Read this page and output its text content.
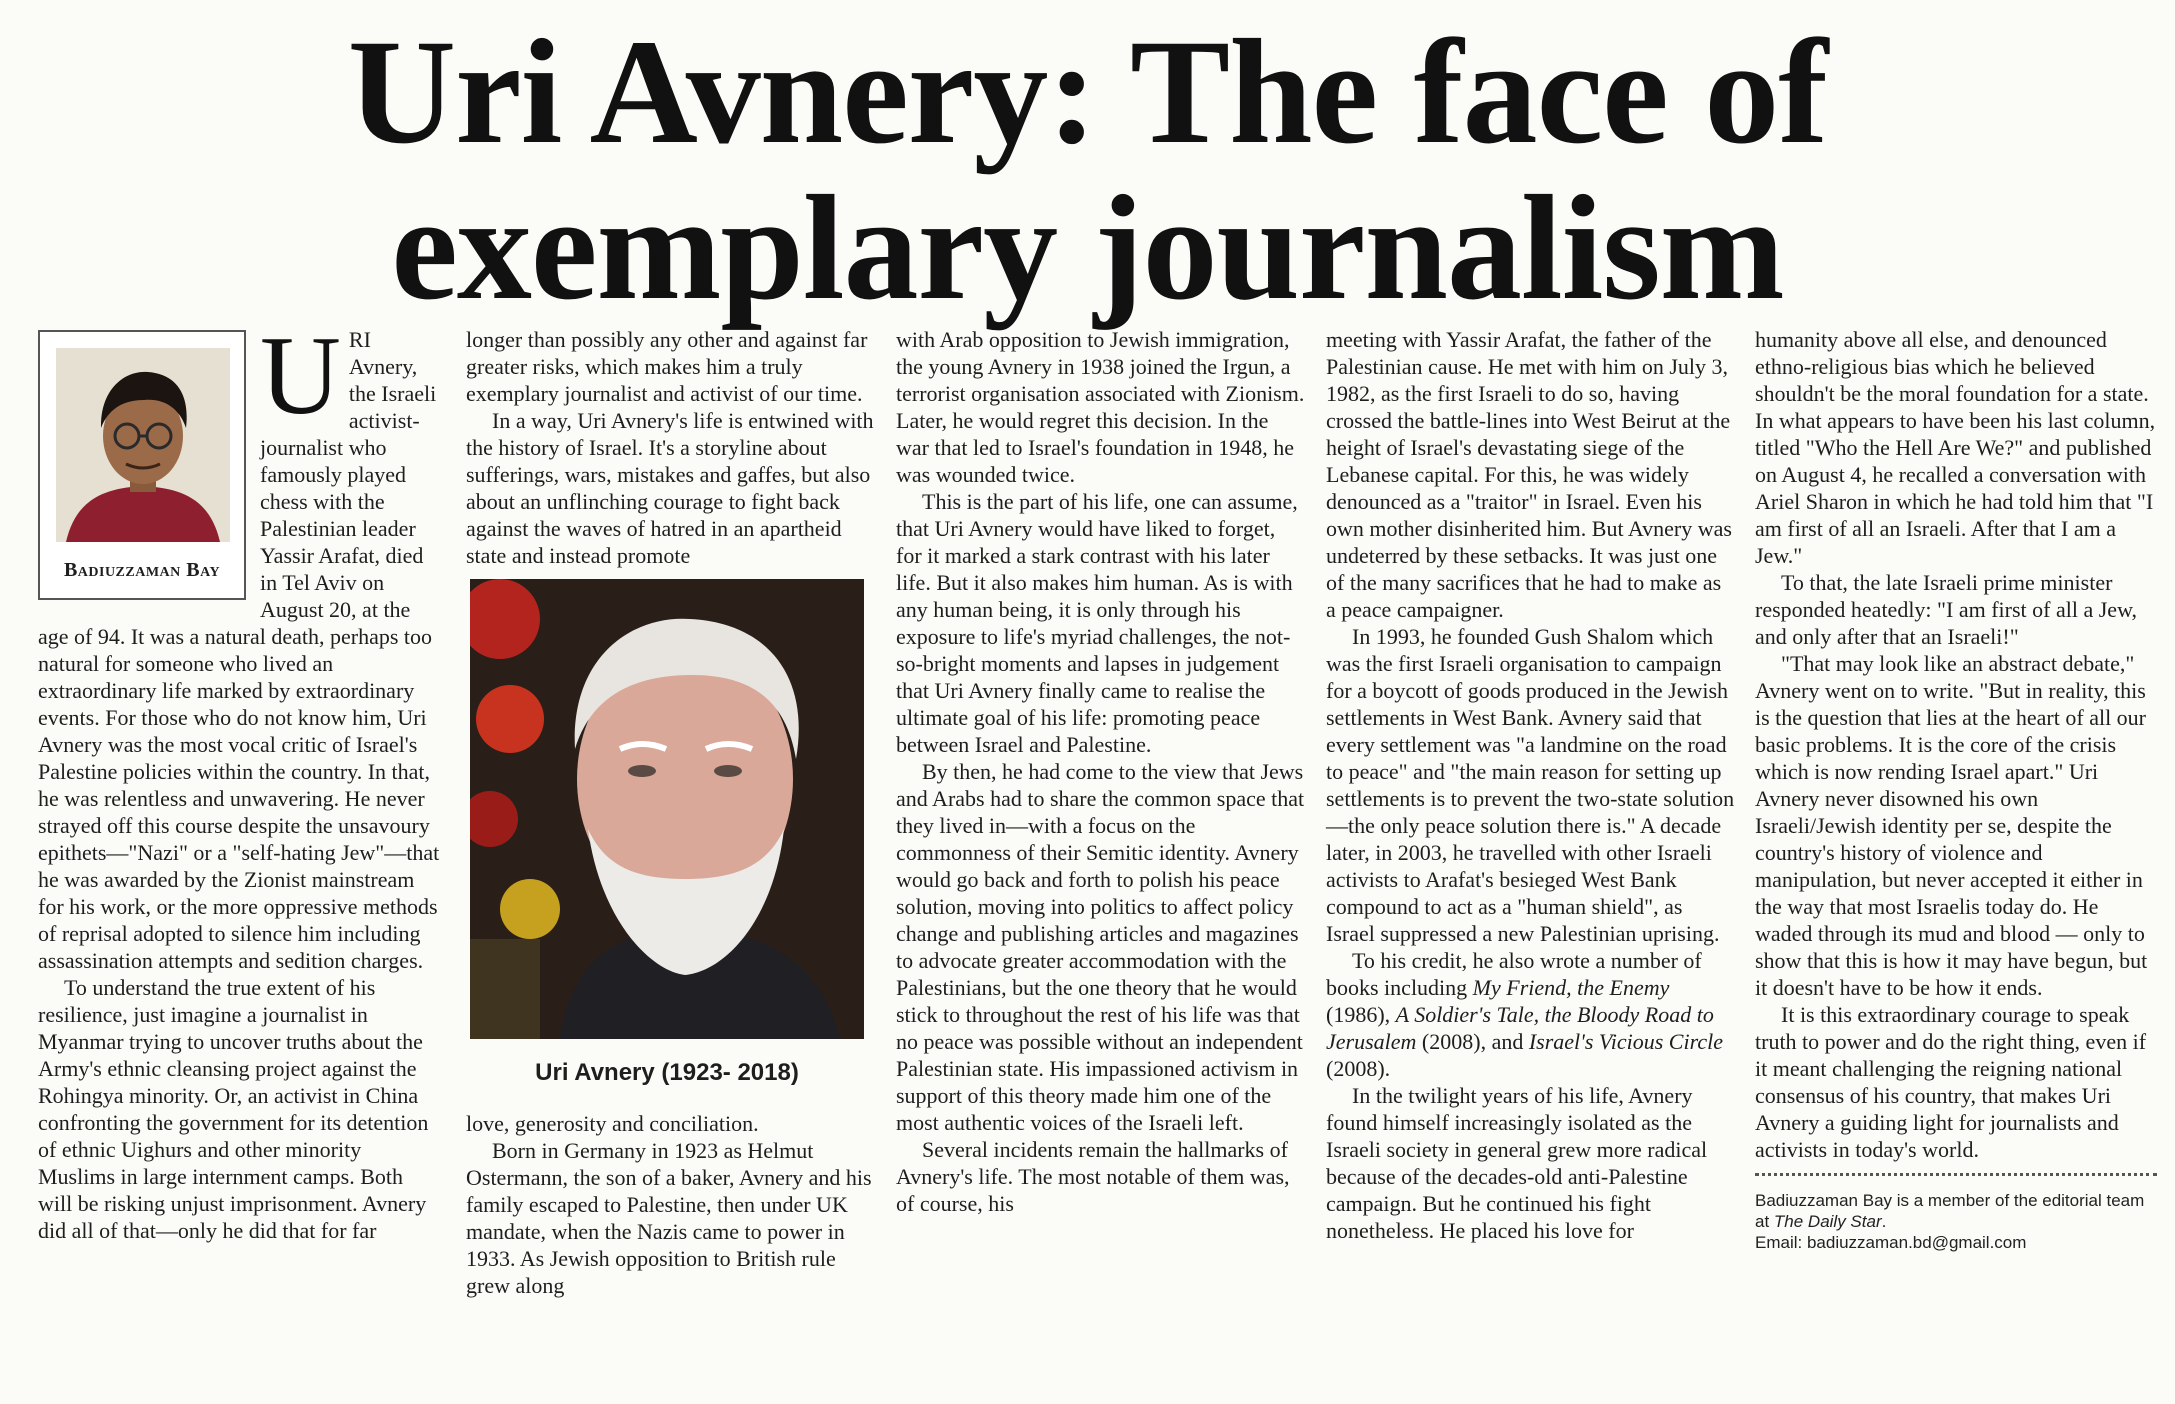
Uri Avnery: The face of
exemplary journalism
Badiuzzaman Bay
U RI Avnery, the Israeli activist-journalist who famously played chess with the Palestinian leader Yassir Arafat, died in Tel Aviv on August 20, at the age of 94. It was a natural death, perhaps too natural for someone who lived an extraordinary life marked by extraordinary events. For those who do not know him, Uri Avnery was the most vocal critic of Israel's Palestine policies within the country. In that, he was relentless and unwavering. He never strayed off this course despite the unsavoury epithets—"Nazi" or a "self-hating Jew"—that he was awarded by the Zionist mainstream for his work, or the more oppressive methods of reprisal adopted to silence him including assassination attempts and sedition charges.

To understand the true extent of his resilience, just imagine a journalist in Myanmar trying to uncover truths about the Army's ethnic cleansing project against the Rohingya minority. Or, an activist in China confronting the government for its detention of ethnic Uighurs and other minority Muslims in large internment camps. Both will be risking unjust imprisonment. Avnery did all of that—only he did that for far

longer than possibly any other and against far greater risks, which makes him a truly exemplary journalist and activist of our time.

In a way, Uri Avnery's life is entwined with the history of Israel. It's a storyline about sufferings, wars, mistakes and gaffes, but also about an unflinching courage to fight back against the waves of hatred in an apartheid state and instead promote

Uri Avnery (1923- 2018)

love, generosity and conciliation.

Born in Germany in 1923 as Helmut Ostermann, the son of a baker, Avnery and his family escaped to Palestine, then under UK mandate, when the Nazis came to power in 1933. As Jewish opposition to British rule grew along

with Arab opposition to Jewish immigration, the young Avnery in 1938 joined the Irgun, a terrorist organisation associated with Zionism. Later, he would regret this decision. In the war that led to Israel's foundation in 1948, he was wounded twice.

This is the part of his life, one can assume, that Uri Avnery would have liked to forget, for it marked a stark contrast with his later life. But it also makes him human. As is with any human being, it is only through his exposure to life's myriad challenges, the not-so-bright moments and lapses in judgement that Uri Avnery finally came to realise the ultimate goal of his life: promoting peace between Israel and Palestine.

By then, he had come to the view that Jews and Arabs had to share the common space that they lived in—with a focus on the commonness of their Semitic identity. Avnery would go back and forth to polish his peace solution, moving into politics to affect policy change and publishing articles and magazines to advocate greater accommodation with the Palestinians, but the one theory that he would stick to throughout the rest of his life was that no peace was possible without an independent Palestinian state. His impassioned activism in support of this theory made him one of the most authentic voices of the Israeli left.

Several incidents remain the hallmarks of Avnery's life. The most notable of them was, of course, his

meeting with Yassir Arafat, the father of the Palestinian cause. He met with him on July 3, 1982, as the first Israeli to do so, having crossed the battle-lines into West Beirut at the height of Israel's devastating siege of the Lebanese capital. For this, he was widely denounced as a "traitor" in Israel. Even his own mother disinherited him. But Avnery was undeterred by these setbacks. It was just one of the many sacrifices that he had to make as a peace campaigner.

In 1993, he founded Gush Shalom which was the first Israeli organisation to campaign for a boycott of goods produced in the Jewish settlements in West Bank. Avnery said that every settlement was "a landmine on the road to peace" and "the main reason for setting up settlements is to prevent the two-state solution—the only peace solution there is." A decade later, in 2003, he travelled with other Israeli activists to Arafat's besieged West Bank compound to act as a "human shield", as Israel suppressed a new Palestinian uprising.

To his credit, he also wrote a number of books including My Friend, the Enemy (1986), A Soldier's Tale, the Bloody Road to Jerusalem (2008), and Israel's Vicious Circle (2008).

In the twilight years of his life, Avnery found himself increasingly isolated as the Israeli society in general grew more radical because of the decades-old anti-Palestine campaign. But he continued his fight nonetheless. He placed his love for

humanity above all else, and denounced ethno-religious bias which he believed shouldn't be the moral foundation for a state. In what appears to have been his last column, titled "Who the Hell Are We?" and published on August 4, he recalled a conversation with Ariel Sharon in which he had told him that "I am first of all an Israeli. After that I am a Jew."

To that, the late Israeli prime minister responded heatedly: "I am first of all a Jew, and only after that an Israeli!"

"That may look like an abstract debate," Avnery went on to write. "But in reality, this is the question that lies at the heart of all our basic problems. It is the core of the crisis which is now rending Israel apart." Uri Avnery never disowned his own Israeli/Jewish identity per se, despite the country's history of violence and manipulation, but never accepted it either in the way that most Israelis today do. He waded through its mud and blood — only to show that this is how it may have begun, but it doesn't have to be how it ends.

It is this extraordinary courage to speak truth to power and do the right thing, even if it meant challenging the reigning national consensus of his country, that makes Uri Avnery a guiding light for journalists and activists in today's world.

Badiuzzaman Bay is a member of the editorial team at The Daily Star.

Email: badiuzzaman.bd@gmail.com
